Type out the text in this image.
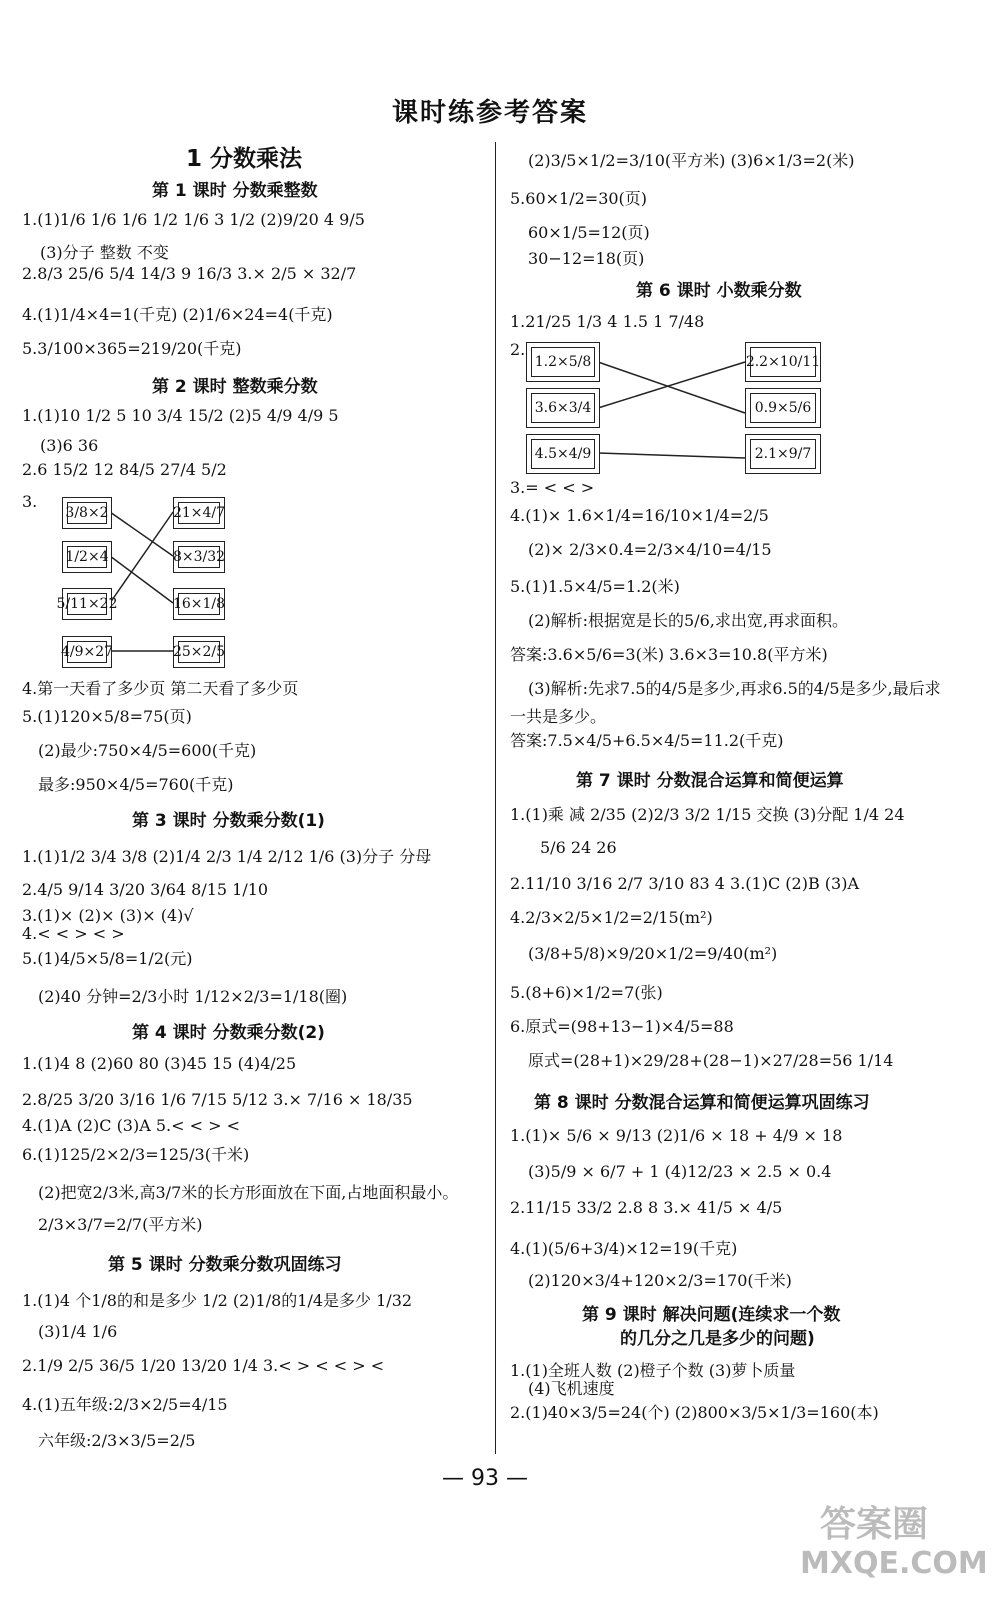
课时练参考答案
1 分数乘法
第 1 课时 分数乘整数
1.(1)1/6 1/6 1/6 1/2 1/6 3 1/2 (2)9/20 4 9/5
(3)分子 整数 不变
2.8/3 25/6 5/4 14/3 9 16/3 3.× 2/5 × 32/7
4.(1)1/4×4=1(千克) (2)1/6×24=4(千克)
5.3/100×365=219/20(千克)
第 2 课时 整数乘分数
1.(1)10 1/2 5 10 3/4 15/2 (2)5 4/9 4/9 5
(3)6 36
2.6 15/2 12 84/5 27/4 5/2
3.
3/8×2
1/2×4
5/11×22
4/9×27
21×4/7
8×3/32
16×1/8
25×2/5
4.第一天看了多少页 第二天看了多少页
5.(1)120×5/8=75(页)
(2)最少:750×4/5=600(千克)
最多:950×4/5=760(千克)
第 3 课时 分数乘分数(1)
1.(1)1/2 3/4 3/8 (2)1/4 2/3 1/4 2/12 1/6 (3)分子 分母
2.4/5 9/14 3/20 3/64 8/15 1/10
3.(1)× (2)× (3)× (4)√
4.< < > < >
5.(1)4/5×5/8=1/2(元)
(2)40 分钟=2/3小时 1/12×2/3=1/18(圈)
第 4 课时 分数乘分数(2)
1.(1)4 8 (2)60 80 (3)45 15 (4)4/25
2.8/25 3/20 3/16 1/6 7/15 5/12 3.× 7/16 × 18/35
4.(1)A (2)C (3)A 5.< < > <
6.(1)125/2×2/3=125/3(千米)
(2)把宽2/3米,高3/7米的长方形面放在下面,占地面积最小。
2/3×3/7=2/7(平方米)
第 5 课时 分数乘分数巩固练习
1.(1)4 个1/8的和是多少 1/2 (2)1/8的1/4是多少 1/32
(3)1/4 1/6
2.1/9 2/5 36/5 1/20 13/20 1/4 3.< > < < > <
4.(1)五年级:2/3×2/5=4/15
六年级:2/3×3/5=2/5
(2)3/5×1/2=3/10(平方米) (3)6×1/3=2(米)
5.60×1/2=30(页)
60×1/5=12(页)
30−12=18(页)
第 6 课时 小数乘分数
1.21/25 1/3 4 1.5 1 7/48
2.
1.2×5/8
3.6×3/4
4.5×4/9
2.2×10/11
0.9×5/6
2.1×9/7
3.= < < >
4.(1)× 1.6×1/4=16/10×1/4=2/5
(2)× 2/3×0.4=2/3×4/10=4/15
5.(1)1.5×4/5=1.2(米)
(2)解析:根据宽是长的5/6,求出宽,再求面积。
答案:3.6×5/6=3(米) 3.6×3=10.8(平方米)
(3)解析:先求7.5的4/5是多少,再求6.5的4/5是多少,最后求
一共是多少。
答案:7.5×4/5+6.5×4/5=11.2(千克)
第 7 课时 分数混合运算和简便运算
1.(1)乘 减 2/35 (2)2/3 3/2 1/15 交换 (3)分配 1/4 24
5/6 24 26
2.11/10 3/16 2/7 3/10 83 4 3.(1)C (2)B (3)A
4.2/3×2/5×1/2=2/15(m²)
(3/8+5/8)×9/20×1/2=9/40(m²)
5.(8+6)×1/2=7(张)
6.原式=(98+13−1)×4/5=88
原式=(28+1)×29/28+(28−1)×27/28=56 1/14
第 8 课时 分数混合运算和简便运算巩固练习
1.(1)× 5/6 × 9/13 (2)1/6 × 18 + 4/9 × 18
(3)5/9 × 6/7 + 1 (4)12/23 × 2.5 × 0.4
2.11/15 33/2 2.8 8 3.× 41/5 × 4/5
4.(1)(5/6+3/4)×12=19(千克)
(2)120×3/4+120×2/3=170(千米)
第 9 课时 解决问题(连续求一个数
的几分之几是多少的问题)
1.(1)全班人数 (2)橙子个数 (3)萝卜质量
(4)飞机速度
2.(1)40×3/5=24(个) (2)800×3/5×1/3=160(本)
— 93 —
答案圈
MXQE.COM
